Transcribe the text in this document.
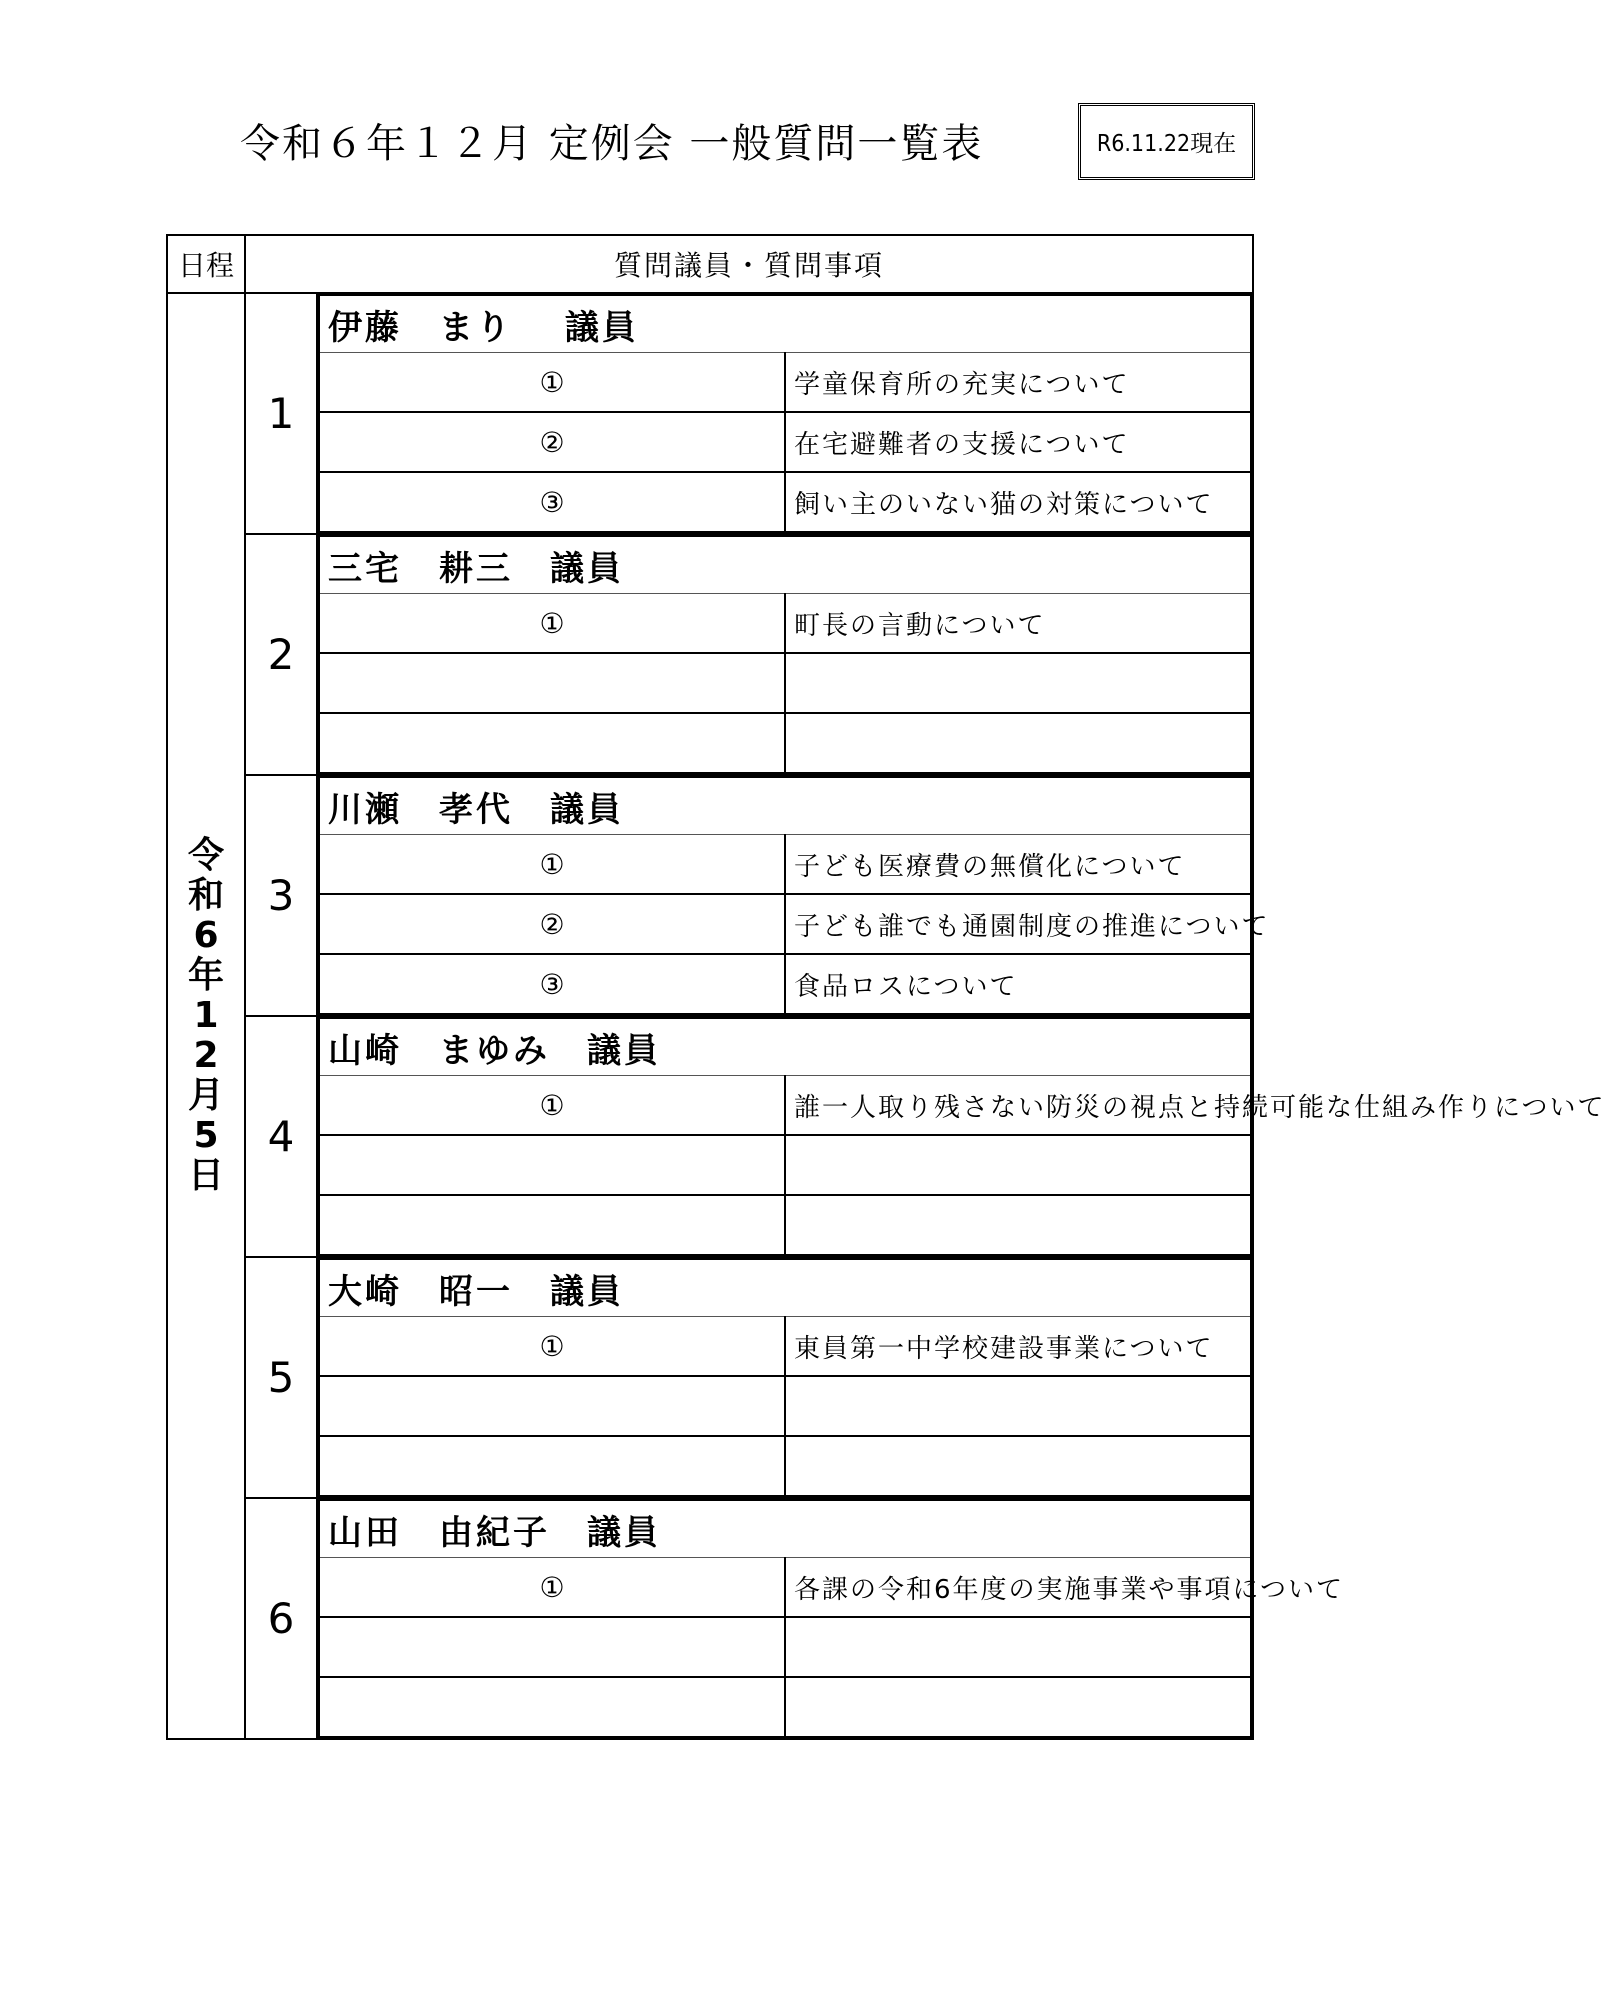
令和６年１２月 定例会 一般質問一覧表	R6.11.22現在
日程	質問議員・質問事項

令
和
6
年
1
2
月
5
日
	1	
伊藤　まり　 議員
①	学童保育所の充実について
②	在宅避難者の支援について
③	飼い主のいない猫の対策について

2	
三宅　耕三　議員
①	町長の言動について

3	
川瀬　孝代　議員
①	子ども医療費の無償化について
②	子ども誰でも通園制度の推進について
③	食品ロスについて

4	
山崎　まゆみ　議員
①	誰一人取り残さない防災の視点と持続可能な仕組み作りについて

5	
大崎　昭一　議員
①	東員第一中学校建設事業について

6	
山田　由紀子　議員
①	各課の令和6年度の実施事業や事項について
